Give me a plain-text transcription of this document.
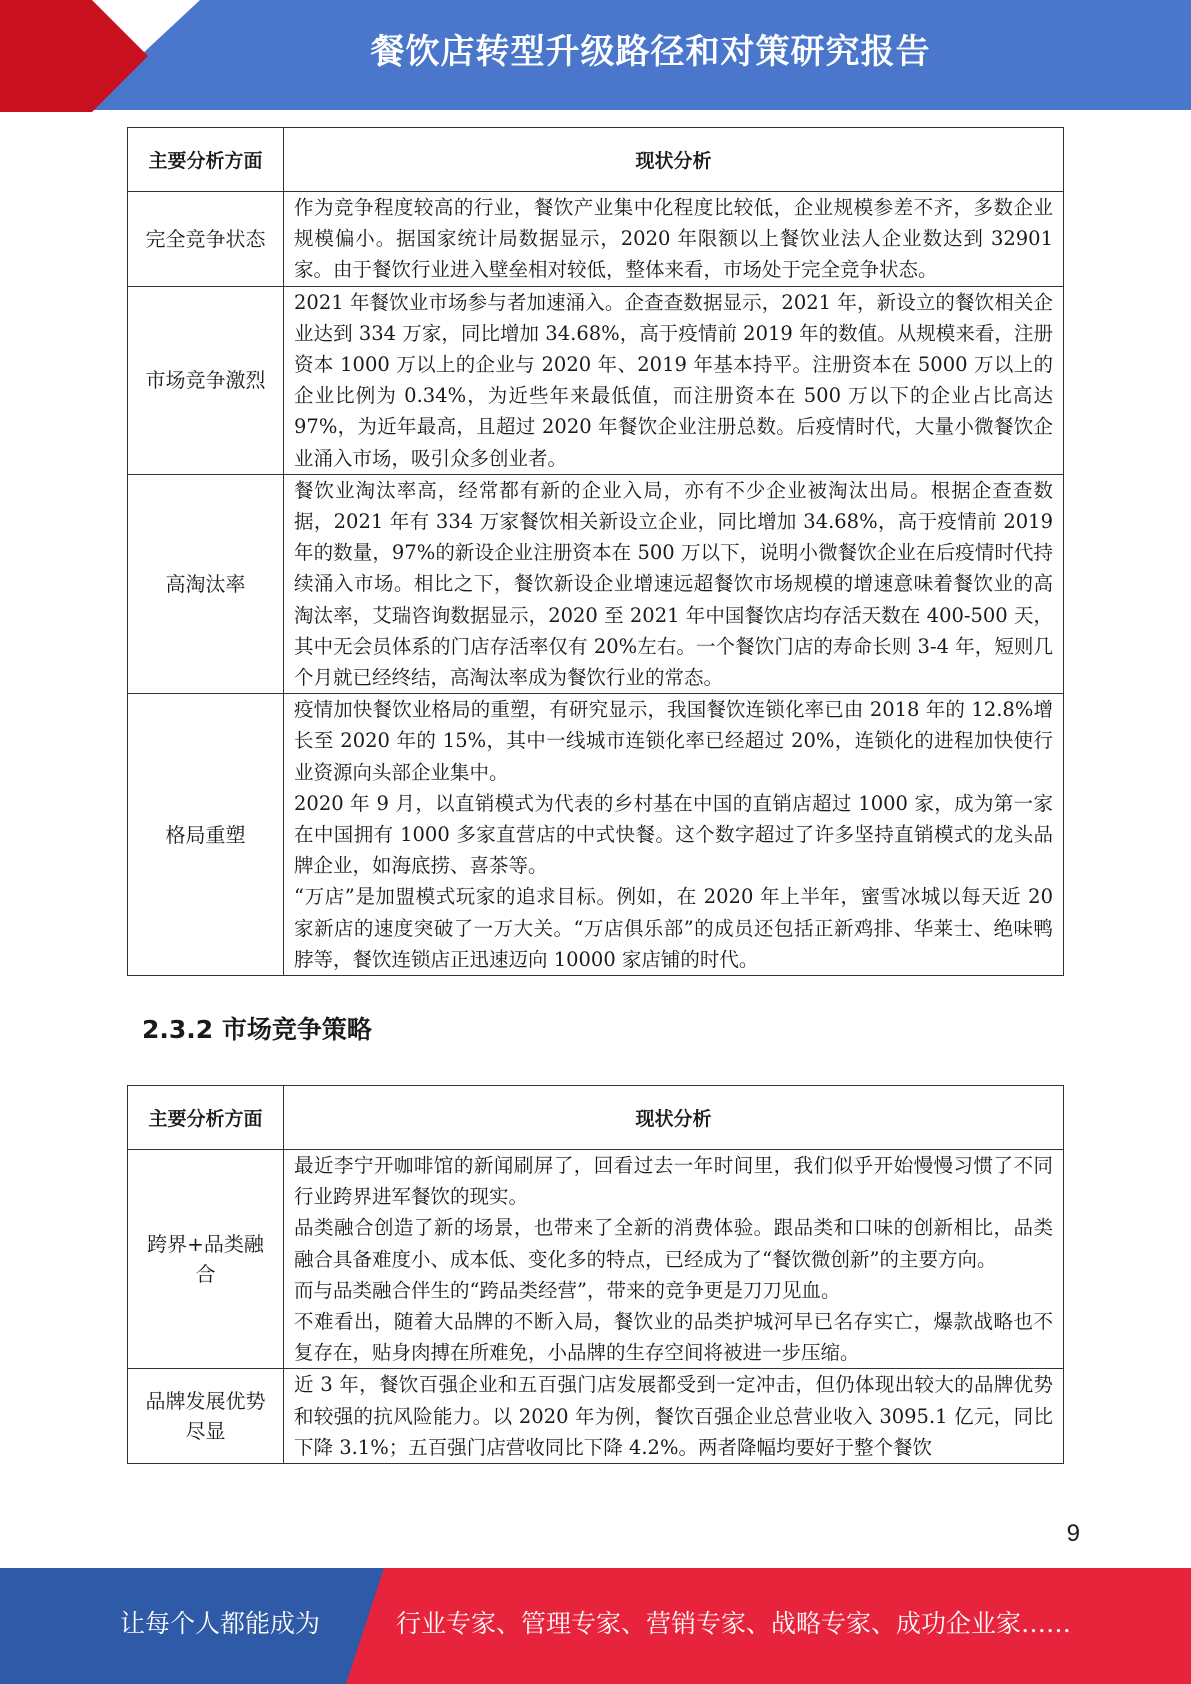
餐饮店转型升级路径和对策研究报告
主要分析方面	现状分析
完全竞争状态	作为竞争程度较高的行业，餐饮产业集中化程度比较低，企业规模参差不齐，多数企业规模偏小。据国家统计局数据显示，2020 年限额以上餐饮业法人企业数达到 32901 家。由于餐饮行业进入壁垒相对较低，整体来看，市场处于完全竞争状态。

市场竞争激烈	2021 年餐饮业市场参与者加速涌入。企查查数据显示，2021 年，新设立的餐饮相关企业达到 334 万家，同比增加 34.68%，高于疫情前 2019 年的数值。从规模来看，注册资本 1000 万以上的企业与 2020 年、2019 年基本持平。注册资本在 5000 万以上的企业比例为 0.34%，为近些年来最低值，而注册资本在 500 万以下的企业占比高达 97%，为近年最高，且超过 2020 年餐饮企业注册总数。后疫情时代，大量小微餐饮企业涌入市场，吸引众多创业者。

高淘汰率	餐饮业淘汰率高，经常都有新的企业入局，亦有不少企业被淘汰出局。根据企查查数据，2021 年有 334 万家餐饮相关新设立企业，同比增加 34.68%，高于疫情前 2019 年的数量，97%的新设企业注册资本在 500 万以下，说明小微餐饮企业在后疫情时代持续涌入市场。相比之下，餐饮新设企业增速远超餐饮市场规模的增速意味着餐饮业的高淘汰率，艾瑞咨询数据显示，2020 至 2021 年中国餐饮店均存活天数在 400-500 天，其中无会员体系的门店存活率仅有 20%左右。一个餐饮门店的寿命长则 3-4 年，短则几个月就已经终结，高淘汰率成为餐饮行业的常态。

格局重塑	疫情加快餐饮业格局的重塑，有研究显示，我国餐饮连锁化率已由 2018 年的 12.8%增长至 2020 年的 15%，其中一线城市连锁化率已经超过 20%，连锁化的进程加快使行业资源向头部企业集中。

2020 年 9 月，以直销模式为代表的乡村基在中国的直销店超过 1000 家，成为第一家在中国拥有 1000 多家直营店的中式快餐。这个数字超过了许多坚持直销模式的龙头品牌企业，如海底捞、喜茶等。

“万店”是加盟模式玩家的追求目标。例如，在 2020 年上半年，蜜雪冰城以每天近 20 家新店的速度突破了一万大关。“万店俱乐部”的成员还包括正新鸡排、华莱士、绝味鸭脖等，餐饮连锁店正迅速迈向 10000 家店铺的时代。

2.3.2 市场竞争策略
主要分析方面	现状分析
跨界+品类融合	最近李宁开咖啡馆的新闻刷屏了，回看过去一年时间里，我们似乎开始慢慢习惯了不同行业跨界进军餐饮的现实。

品类融合创造了新的场景，也带来了全新的消费体验。跟品类和口味的创新相比，品类融合具备难度小、成本低、变化多的特点，已经成为了“餐饮微创新”的主要方向。

而与品类融合伴生的“跨品类经营”，带来的竞争更是刀刀见血。

不难看出，随着大品牌的不断入局，餐饮业的品类护城河早已名存实亡，爆款战略也不复存在，贴身肉搏在所难免，小品牌的生存空间将被进一步压缩。

品牌发展优势尽显	近 3 年，餐饮百强企业和五百强门店发展都受到一定冲击，但仍体现出较大的品牌优势和较强的抗风险能力。以 2020 年为例，餐饮百强企业总营业收入 3095.1 亿元，同比下降 3.1%；五百强门店营收同比下降 4.2%。两者降幅均要好于整个餐饮

9
让每个人都能成为	行业专家、管理专家、营销专家、战略专家、成功企业家……
